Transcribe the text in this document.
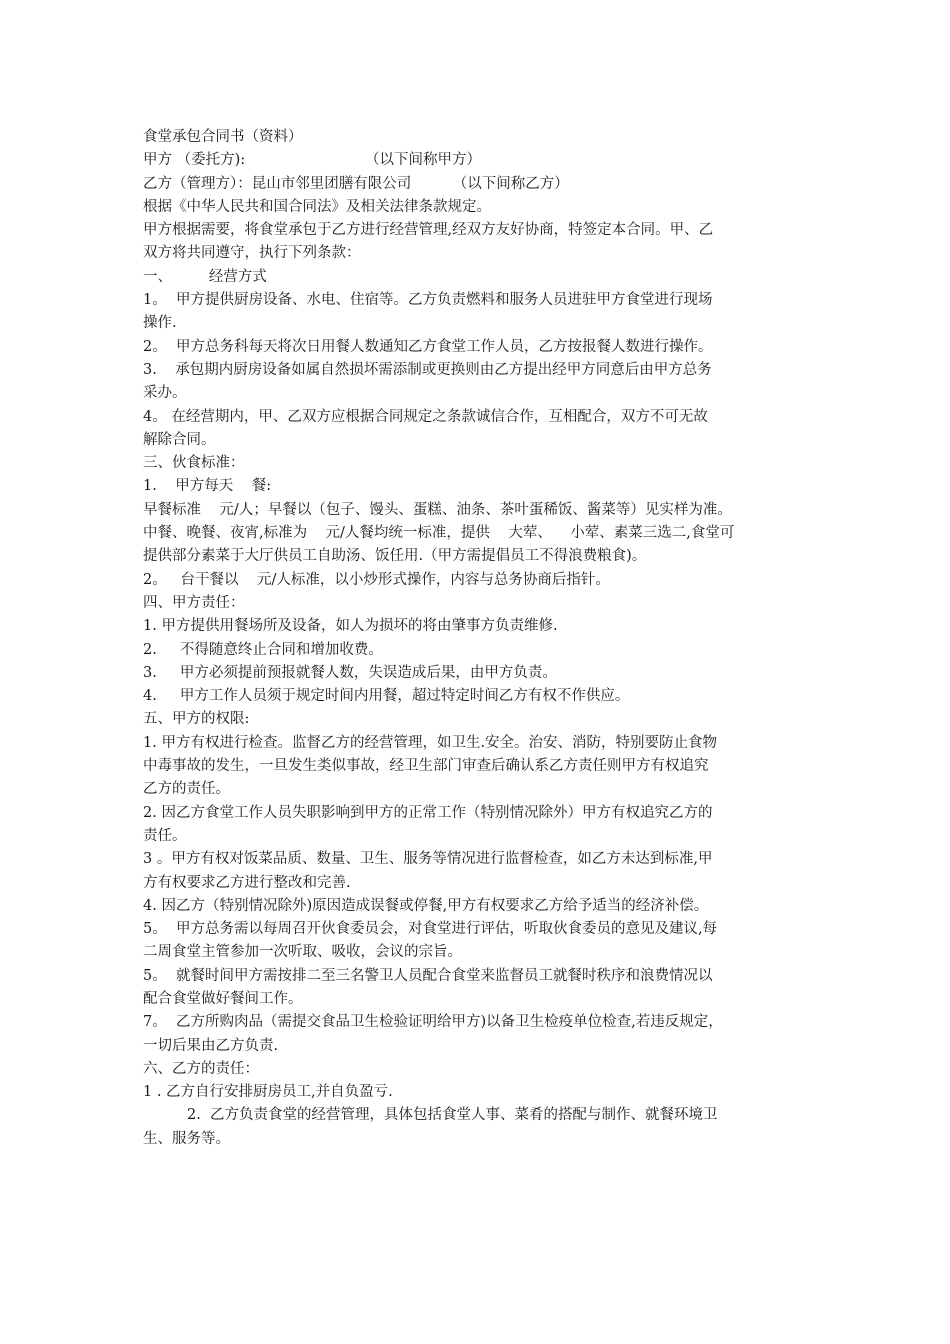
食堂承包合同书（资料）
甲方 （委托方):                          （以下间称甲方）
乙方（管理方）：昆山市邻里团膳有限公司         （以下间称乙方）
根据《中华人民共和国合同法》及相关法律条款规定。
甲方根据需要，将食堂承包于乙方进行经营管理,经双方友好协商，特签定本合同。甲、乙
双方将共同遵守，执行下列条款：
一、        经营方式
1。  甲方提供厨房设备、水电、住宿等。乙方负责燃料和服务人员进驻甲方食堂进行现场
操作.
2。  甲方总务科每天将次日用餐人数通知乙方食堂工作人员，乙方按报餐人数进行操作。
3.    承包期内厨房设备如属自然损坏需添制或更换则由乙方提出经甲方同意后由甲方总务
采办。
4。 在经营期内，甲、乙双方应根据合同规定之条款诚信合作，互相配合，双方不可无故
解除合同。
三、伙食标准：
1.    甲方每天    餐:
早餐标准    元/人；早餐以（包子、馒头、蛋糕、油条、茶叶蛋稀饭、酱菜等）见实样为准。
中餐、晚餐、夜宵,标准为    元/人餐均统一标准，提供    大荤、    小荤、素菜三选二,食堂可
提供部分素菜于大厅供员工自助汤、饭任用.（甲方需提倡员工不得浪费粮食)。
2。   台干餐以    元/人标准，以小炒形式操作，内容与总务协商后指针。
四、甲方责任：
1. 甲方提供用餐场所及设备，如人为损坏的将由肇事方负责维修.
2.     不得随意终止合同和增加收费。
3.     甲方必须提前预报就餐人数，失误造成后果，由甲方负责。
4.     甲方工作人员须于规定时间内用餐，超过特定时间乙方有权不作供应。
五、甲方的权限:
1. 甲方有权进行检查。监督乙方的经营管理，如卫生.安全。治安、消防，特别要防止食物
中毒事故的发生，一旦发生类似事故，经卫生部门审查后确认系乙方责任则甲方有权追究
乙方的责任。
2. 因乙方食堂工作人员失职影响到甲方的正常工作（特别情况除外）甲方有权追究乙方的
责任。
3 。甲方有权对饭菜品质、数量、卫生、服务等情况进行监督检查，如乙方未达到标准,甲
方有权要求乙方进行整改和完善.
4. 因乙方（特别情况除外)原因造成误餐或停餐,甲方有权要求乙方给予适当的经济补偿。
5。  甲方总务需以每周召开伙食委员会，对食堂进行评估，听取伙食委员的意见及建议,每
二周食堂主管参加一次听取、吸收，会议的宗旨。
5。  就餐时间甲方需按排二至三名警卫人员配合食堂来监督员工就餐时秩序和浪费情况以
配合食堂做好餐间工作。
7。  乙方所购肉品（需提交食品卫生检验证明给甲方)以备卫生检疫单位检查,若违反规定，
一切后果由乙方负责.
六、乙方的责任：
1 . 乙方自行安排厨房员工,并自负盈亏.
2.  乙方负责食堂的经营管理，具体包括食堂人事、菜肴的搭配与制作、就餐环境卫
生、服务等。
